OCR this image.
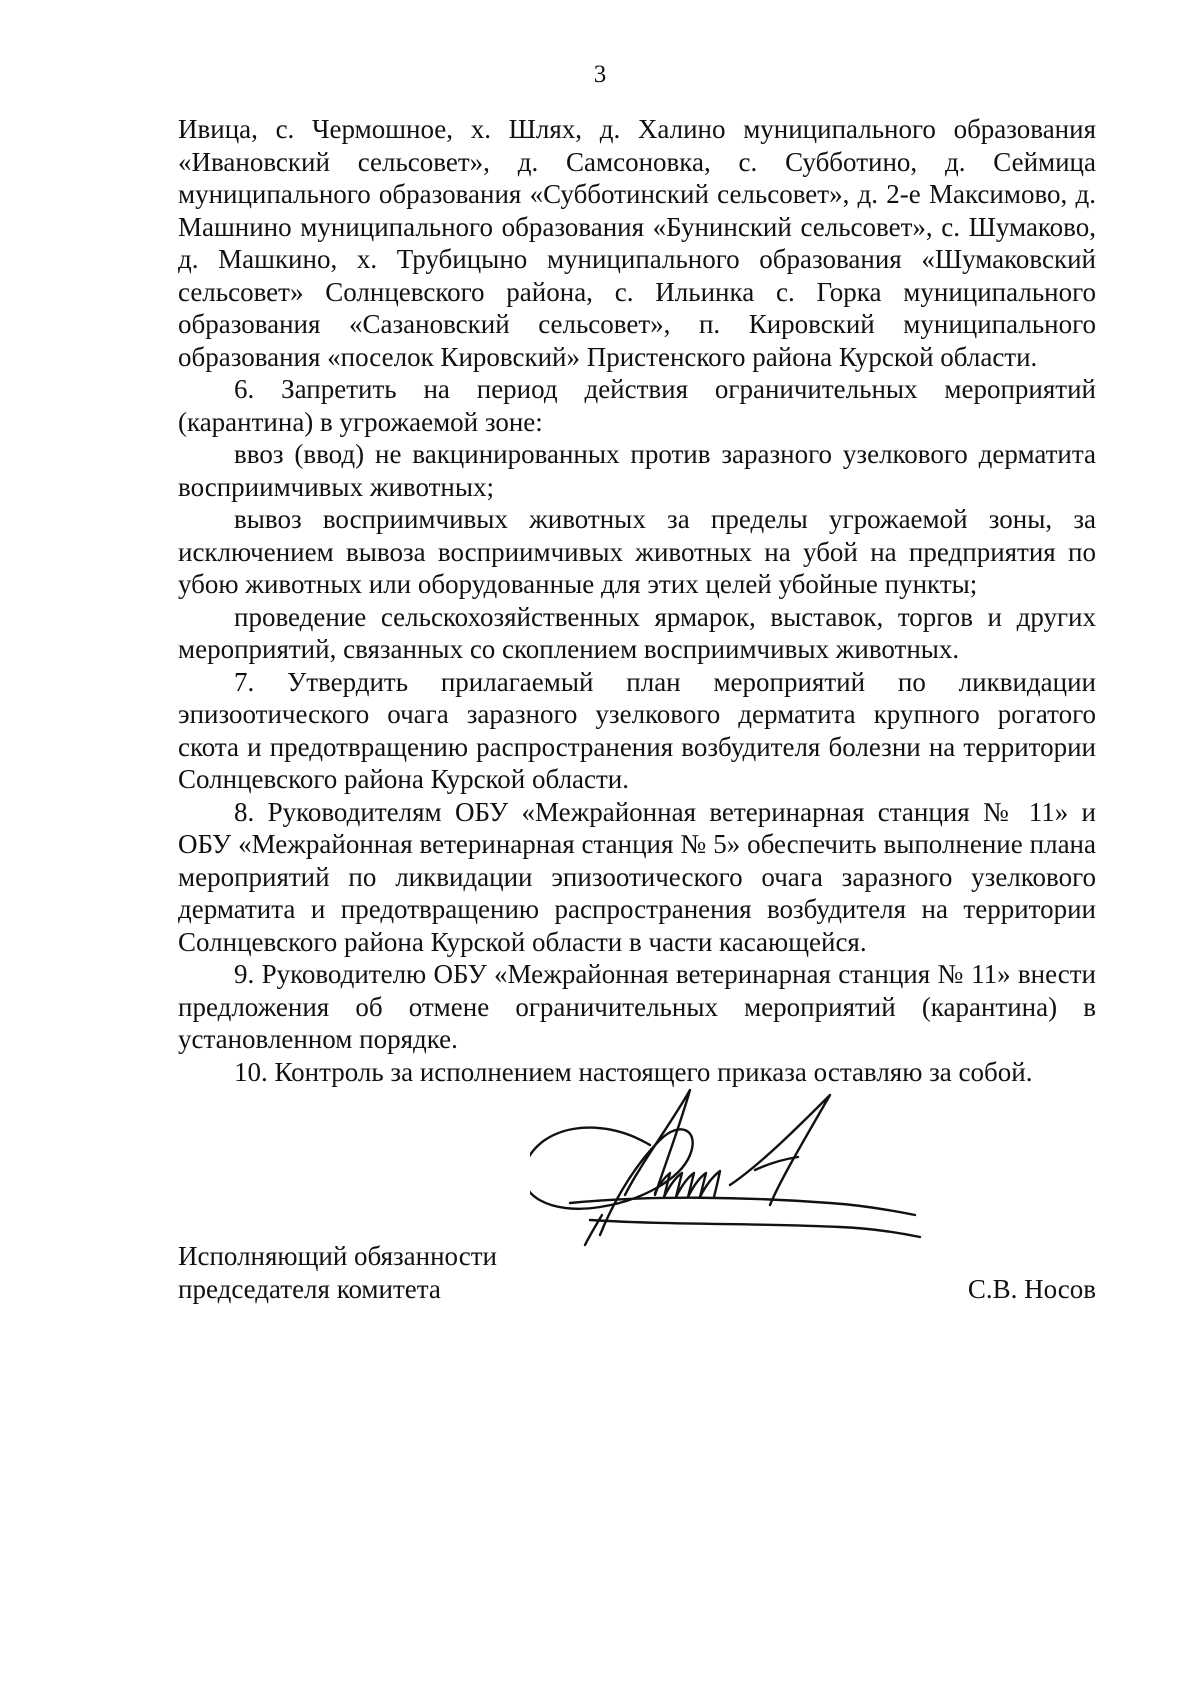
3

Ивица, с. Чермошное, х. Шлях, д. Халино муниципального образования «Ивановский сельсовет», д. Самсоновка, с. Субботино, д. Сеймица муниципального образования «Субботинский сельсовет», д. 2-е Максимово, д. Машнино муниципального образования «Бунинский сельсовет», с. Шумаково, д. Машкино, х. Трубицыно муниципального образования «Шумаковский сельсовет» Солнцевского района, с. Ильинка с. Горка муниципального образования «Сазановский сельсовет», п. Кировский муниципального образования «поселок Кировский» Пристенского района Курской области.

6. Запретить на период действия ограничительных мероприятий (карантина) в угрожаемой зоне:

ввоз (ввод) не вакцинированных против заразного узелкового дерматита восприимчивых животных;

вывоз восприимчивых животных за пределы угрожаемой зоны, за исключением вывоза восприимчивых животных на убой на предприятия по убою животных или оборудованные для этих целей убойные пункты;

проведение сельскохозяйственных ярмарок, выставок, торгов и других мероприятий, связанных со скоплением восприимчивых животных.

7. Утвердить прилагаемый план мероприятий по ликвидации эпизоотического очага заразного узелкового дерматита крупного рогатого скота и предотвращению распространения возбудителя болезни на территории Солнцевского района Курской области.

8. Руководителям ОБУ «Межрайонная ветеринарная станция № 11» и ОБУ «Межрайонная ветеринарная станция № 5» обеспечить выполнение плана мероприятий по ликвидации эпизоотического очага заразного узелкового дерматита и предотвращению распространения возбудителя на территории Солнцевского района Курской области в части касающейся.

9. Руководителю ОБУ «Межрайонная ветеринарная станция № 11» внести предложения об отмене ограничительных мероприятий (карантина) в установленном порядке.

10. Контроль за исполнением настоящего приказа оставляю за собой.

Исполняющий обязанности
председателя комитета	С.В. Носов
